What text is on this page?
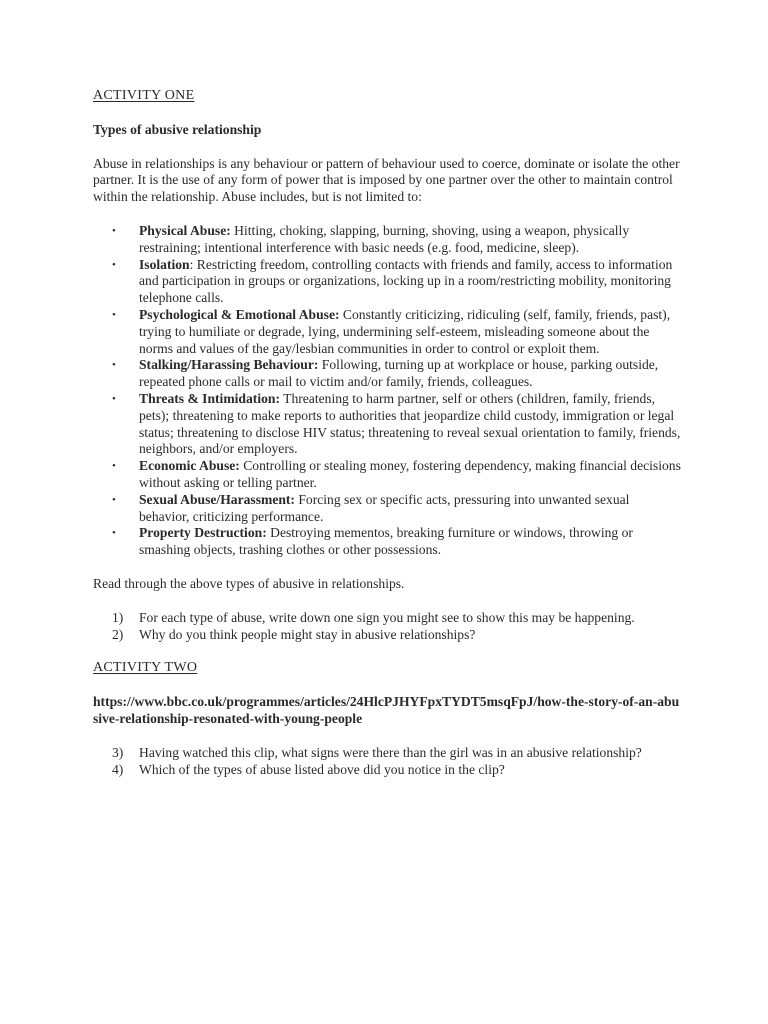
ACTIVITY ONE

Types of abusive relationship

Abuse in relationships is any behaviour or pattern of behaviour used to coerce, dominate or isolate the other partner. It is the use of any form of power that is imposed by one partner over the other to maintain control within the relationship. Abuse includes, but is not limited to:

• Physical Abuse: Hitting, choking, slapping, burning, shoving, using a weapon, physically restraining; intentional interference with basic needs (e.g. food, medicine, sleep).
• Isolation: Restricting freedom, controlling contacts with friends and family, access to information and participation in groups or organizations, locking up in a room/restricting mobility, monitoring telephone calls.
• Psychological & Emotional Abuse: Constantly criticizing, ridiculing (self, family, friends, past), trying to humiliate or degrade, lying, undermining self-esteem, misleading someone about the norms and values of the gay/lesbian communities in order to control or exploit them.
• Stalking/Harassing Behaviour: Following, turning up at workplace or house, parking outside, repeated phone calls or mail to victim and/or family, friends, colleagues.
• Threats & Intimidation: Threatening to harm partner, self or others (children, family, friends, pets); threatening to make reports to authorities that jeopardize child custody, immigration or legal status; threatening to disclose HIV status; threatening to reveal sexual orientation to family, friends, neighbors, and/or employers.
• Economic Abuse: Controlling or stealing money, fostering dependency, making financial decisions without asking or telling partner.
• Sexual Abuse/Harassment: Forcing sex or specific acts, pressuring into unwanted sexual behavior, criticizing performance.
• Property Destruction: Destroying mementos, breaking furniture or windows, throwing or smashing objects, trashing clothes or other possessions.

Read through the above types of abusive in relationships.

1) For each type of abuse, write down one sign you might see to show this may be happening.
2) Why do you think people might stay in abusive relationships?

ACTIVITY TWO

https://www.bbc.co.uk/programmes/articles/24HlcPJHYFpxTYDT5msqFpJ/how-the-story-of-an-abusive-relationship-resonated-with-young-people

3) Having watched this clip, what signs were there than the girl was in an abusive relationship?
4) Which of the types of abuse listed above did you notice in the clip?
